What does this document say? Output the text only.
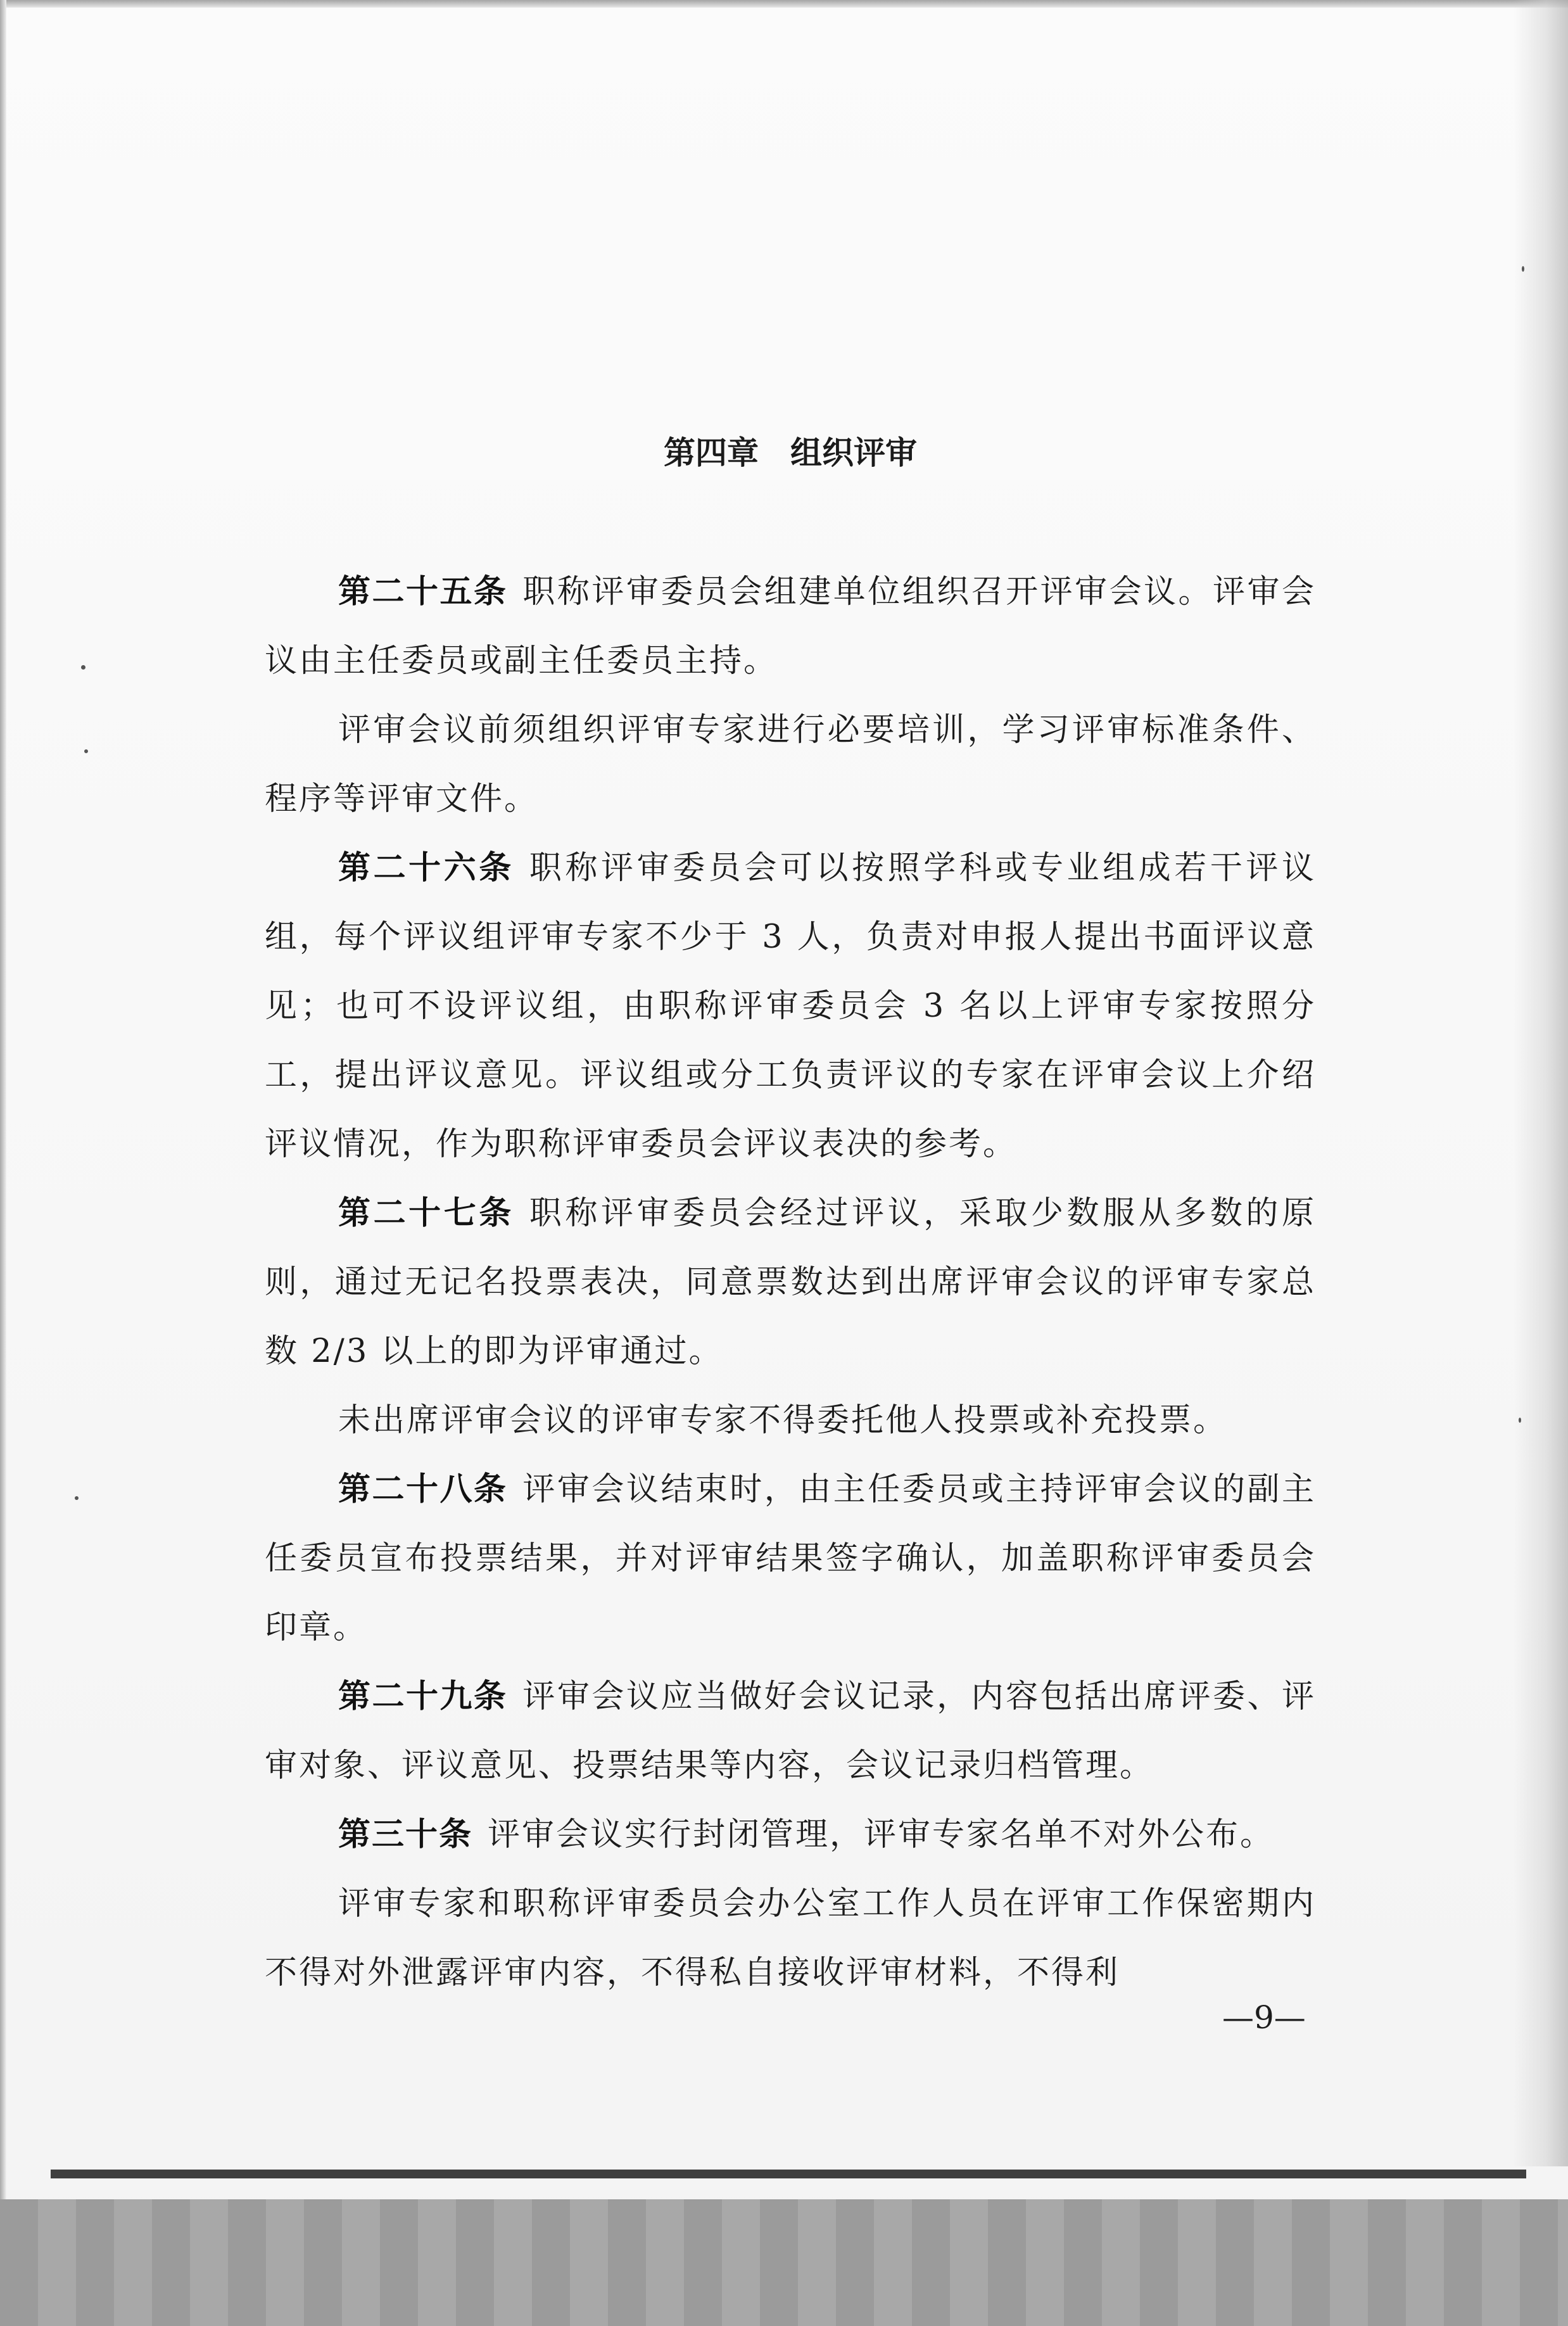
第四章　组织评审

第二十五条 职称评审委员会组建单位组织召开评审会议。评审会议由主任委员或副主任委员主持。

评审会议前须组织评审专家进行必要培训，学习评审标准条件、程序等评审文件。

第二十六条 职称评审委员会可以按照学科或专业组成若干评议组，每个评议组评审专家不少于 3 人，负责对申报人提出书面评议意见；也可不设评议组，由职称评审委员会 3 名以上评审专家按照分工，提出评议意见。评议组或分工负责评议的专家在评审会议上介绍评议情况，作为职称评审委员会评议表决的参考。

第二十七条 职称评审委员会经过评议，采取少数服从多数的原则，通过无记名投票表决，同意票数达到出席评审会议的评审专家总数 2/3 以上的即为评审通过。

未出席评审会议的评审专家不得委托他人投票或补充投票。

第二十八条 评审会议结束时，由主任委员或主持评审会议的副主任委员宣布投票结果，并对评审结果签字确认，加盖职称评审委员会印章。

第二十九条 评审会议应当做好会议记录，内容包括出席评委、评审对象、评议意见、投票结果等内容，会议记录归档管理。

第三十条 评审会议实行封闭管理，评审专家名单不对外公布。

评审专家和职称评审委员会办公室工作人员在评审工作保密期内不得对外泄露评审内容，不得私自接收评审材料，不得利

—9—
